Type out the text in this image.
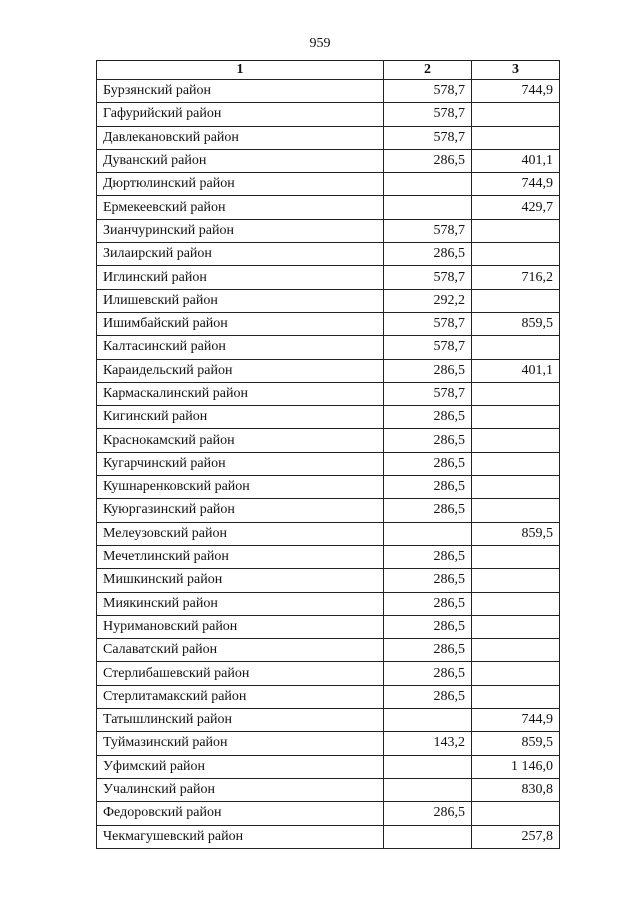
959
1	2	3
Бурзянский район	578,7	744,9
Гафурийский район	578,7	
Давлекановский район	578,7	
Дуванский район	286,5	401,1
Дюртюлинский район		744,9
Ермекеевский район		429,7
Зианчуринский район	578,7	
Зилаирский район	286,5	
Иглинский район	578,7	716,2
Илишевский район	292,2	
Ишимбайский район	578,7	859,5
Калтасинский район	578,7	
Караидельский район	286,5	401,1
Кармаскалинский район	578,7	
Кигинский район	286,5	
Краснокамский район	286,5	
Кугарчинский район	286,5	
Кушнаренковский район	286,5	
Куюргазинский район	286,5	
Мелеузовский район		859,5
Мечетлинский район	286,5	
Мишкинский район	286,5	
Миякинский район	286,5	
Нуримановский район	286,5	
Салаватский район	286,5	
Стерлибашевский район	286,5	
Стерлитамакский район	286,5	
Татышлинский район		744,9
Туймазинский район	143,2	859,5
Уфимский район		1 146,0
Учалинский район		830,8
Федоровский район	286,5	
Чекмагушевский район		257,8
